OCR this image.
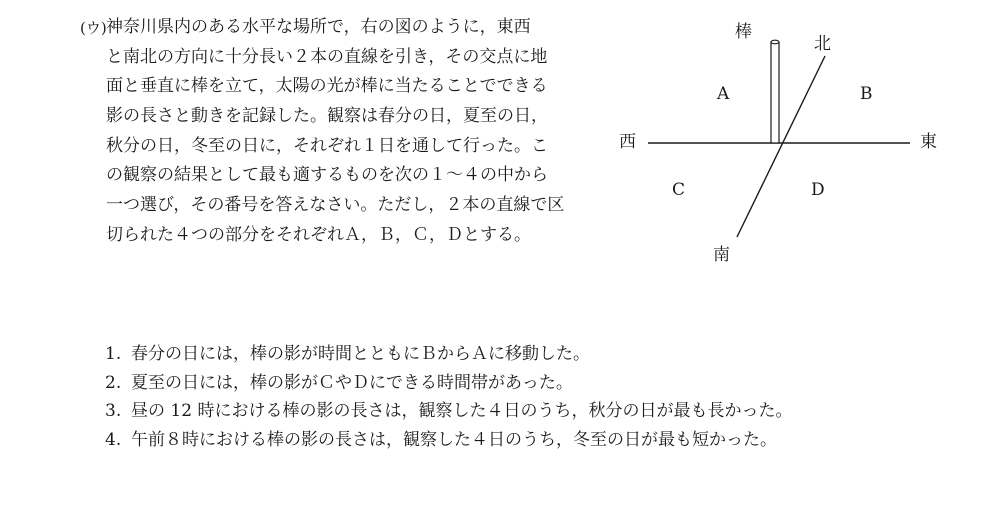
(ウ) 神奈川県内のある水平な場所で，右の図のように，東西
と南北の方向に十分長い２本の直線を引き，その交点に地
面と垂直に棒を立て，太陽の光が棒に当たることでできる
影の長さと動きを記録した。観察は春分の日，夏至の日，
秋分の日，冬至の日に，それぞれ１日を通して行った。こ
の観察の結果として最も適するものを次の１～４の中から
一つ選び，その番号を答えなさい。ただし，２本の直線で区
切られた４つの部分をそれぞれＡ，Ｂ，Ｃ，Ｄとする。
棒
北
西	東
南
A	B
C	D
1. 春分の日には，棒の影が時間とともにＢからＡに移動した。
2. 夏至の日には，棒の影がＣやＤにできる時間帯があった。
3. 昼の 12 時における棒の影の長さは，観察した４日のうち，秋分の日が最も長かった。
4. 午前８時における棒の影の長さは，観察した４日のうち，冬至の日が最も短かった。
